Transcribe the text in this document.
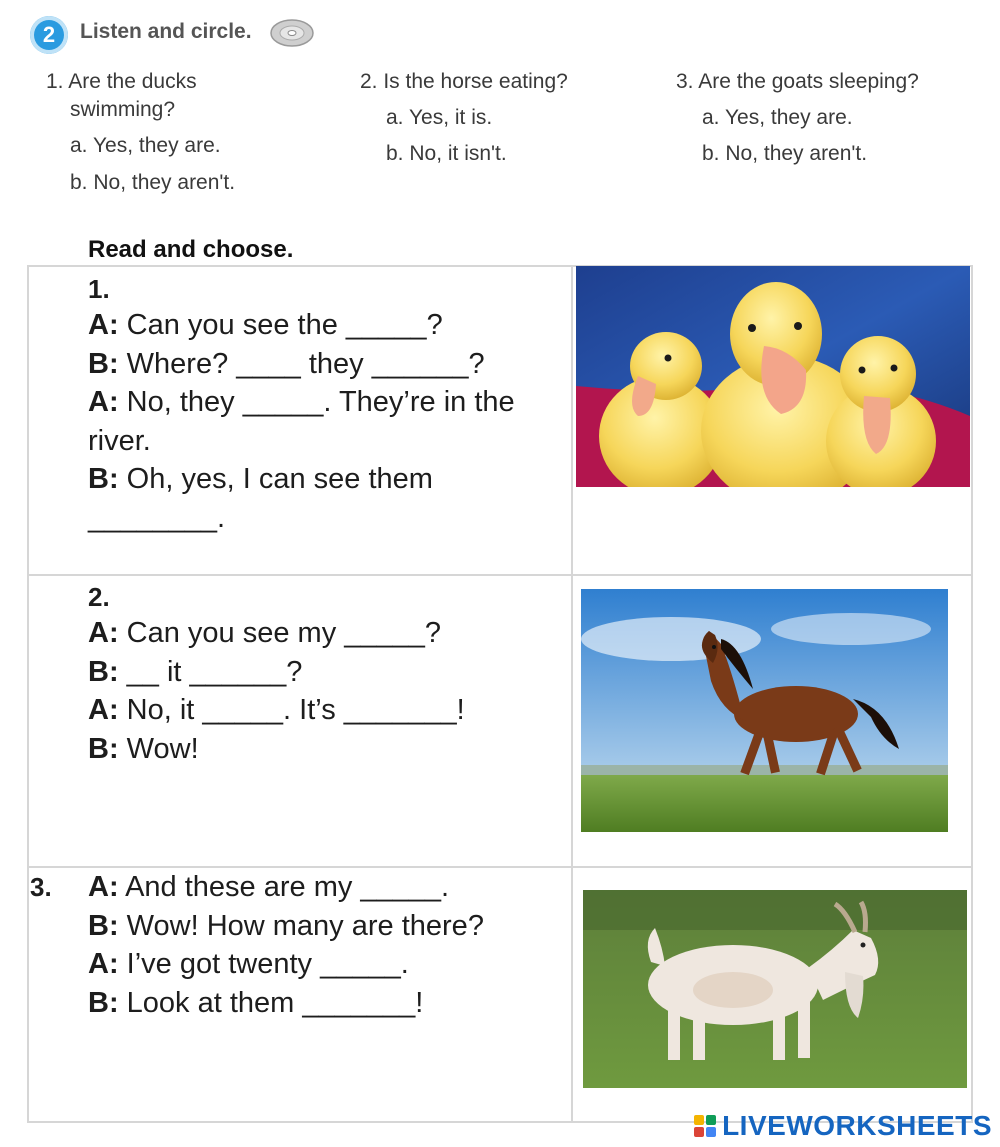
2	Listen and circle.
1. Are the ducks
swimming?
a. Yes, they are.
b. No, they aren't.
2. Is the horse eating?
a. Yes, it is.
b. No, it isn't.
3. Are the goats sleeping?
a. Yes, they are.
b. No, they aren't.
Read and choose.
1.
A: Can you see the _____?
B: Where? ____ they ______?
A: No, they _____. They’re in the
river.
B: Oh, yes, I can see them
________.
2.
A: Can you see my _____?
B: __ it ______?
A: No, it _____. It’s _______!
B: Wow!
3. A: And these are my _____.
B: Wow! How many are there?
A: I’ve got twenty _____.
B: Look at them _______!
LIVEWORKSHEETS
